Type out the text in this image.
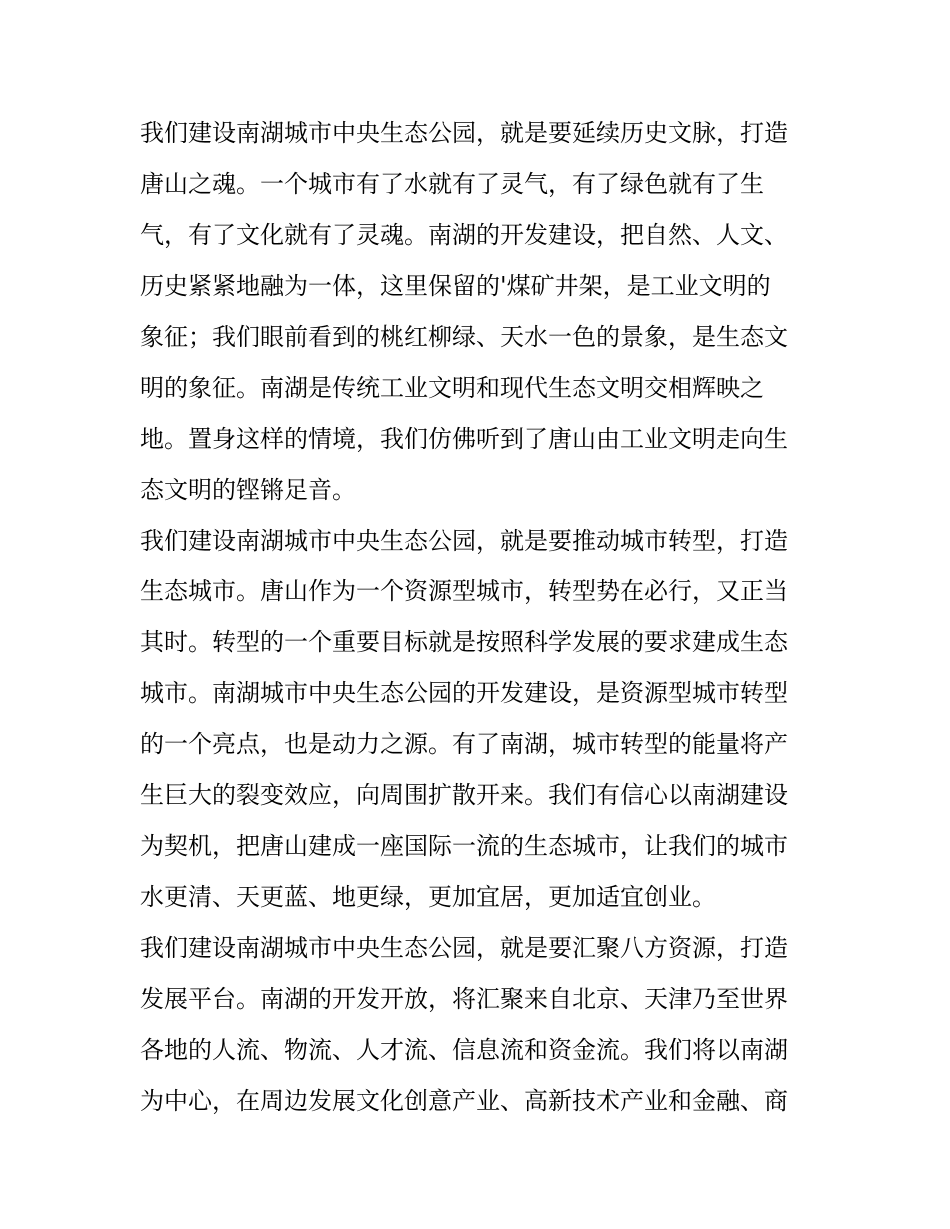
我们建设南湖城市中央生态公园，就是要延续历史文脉，打造
唐山之魂。一个城市有了水就有了灵气，有了绿色就有了生
气，有了文化就有了灵魂。南湖的开发建设，把自然、人文、
历史紧紧地融为一体，这里保留的'煤矿井架，是工业文明的
象征；我们眼前看到的桃红柳绿、天水一色的景象，是生态文
明的象征。南湖是传统工业文明和现代生态文明交相辉映之
地。置身这样的情境，我们仿佛听到了唐山由工业文明走向生
态文明的铿锵足音。
我们建设南湖城市中央生态公园，就是要推动城市转型，打造
生态城市。唐山作为一个资源型城市，转型势在必行，又正当
其时。转型的一个重要目标就是按照科学发展的要求建成生态
城市。南湖城市中央生态公园的开发建设，是资源型城市转型
的一个亮点，也是动力之源。有了南湖，城市转型的能量将产
生巨大的裂变效应，向周围扩散开来。我们有信心以南湖建设
为契机，把唐山建成一座国际一流的生态城市，让我们的城市
水更清、天更蓝、地更绿，更加宜居，更加适宜创业。
我们建设南湖城市中央生态公园，就是要汇聚八方资源，打造
发展平台。南湖的开发开放，将汇聚来自北京、天津乃至世界
各地的人流、物流、人才流、信息流和资金流。我们将以南湖
为中心，在周边发展文化创意产业、高新技术产业和金融、商
